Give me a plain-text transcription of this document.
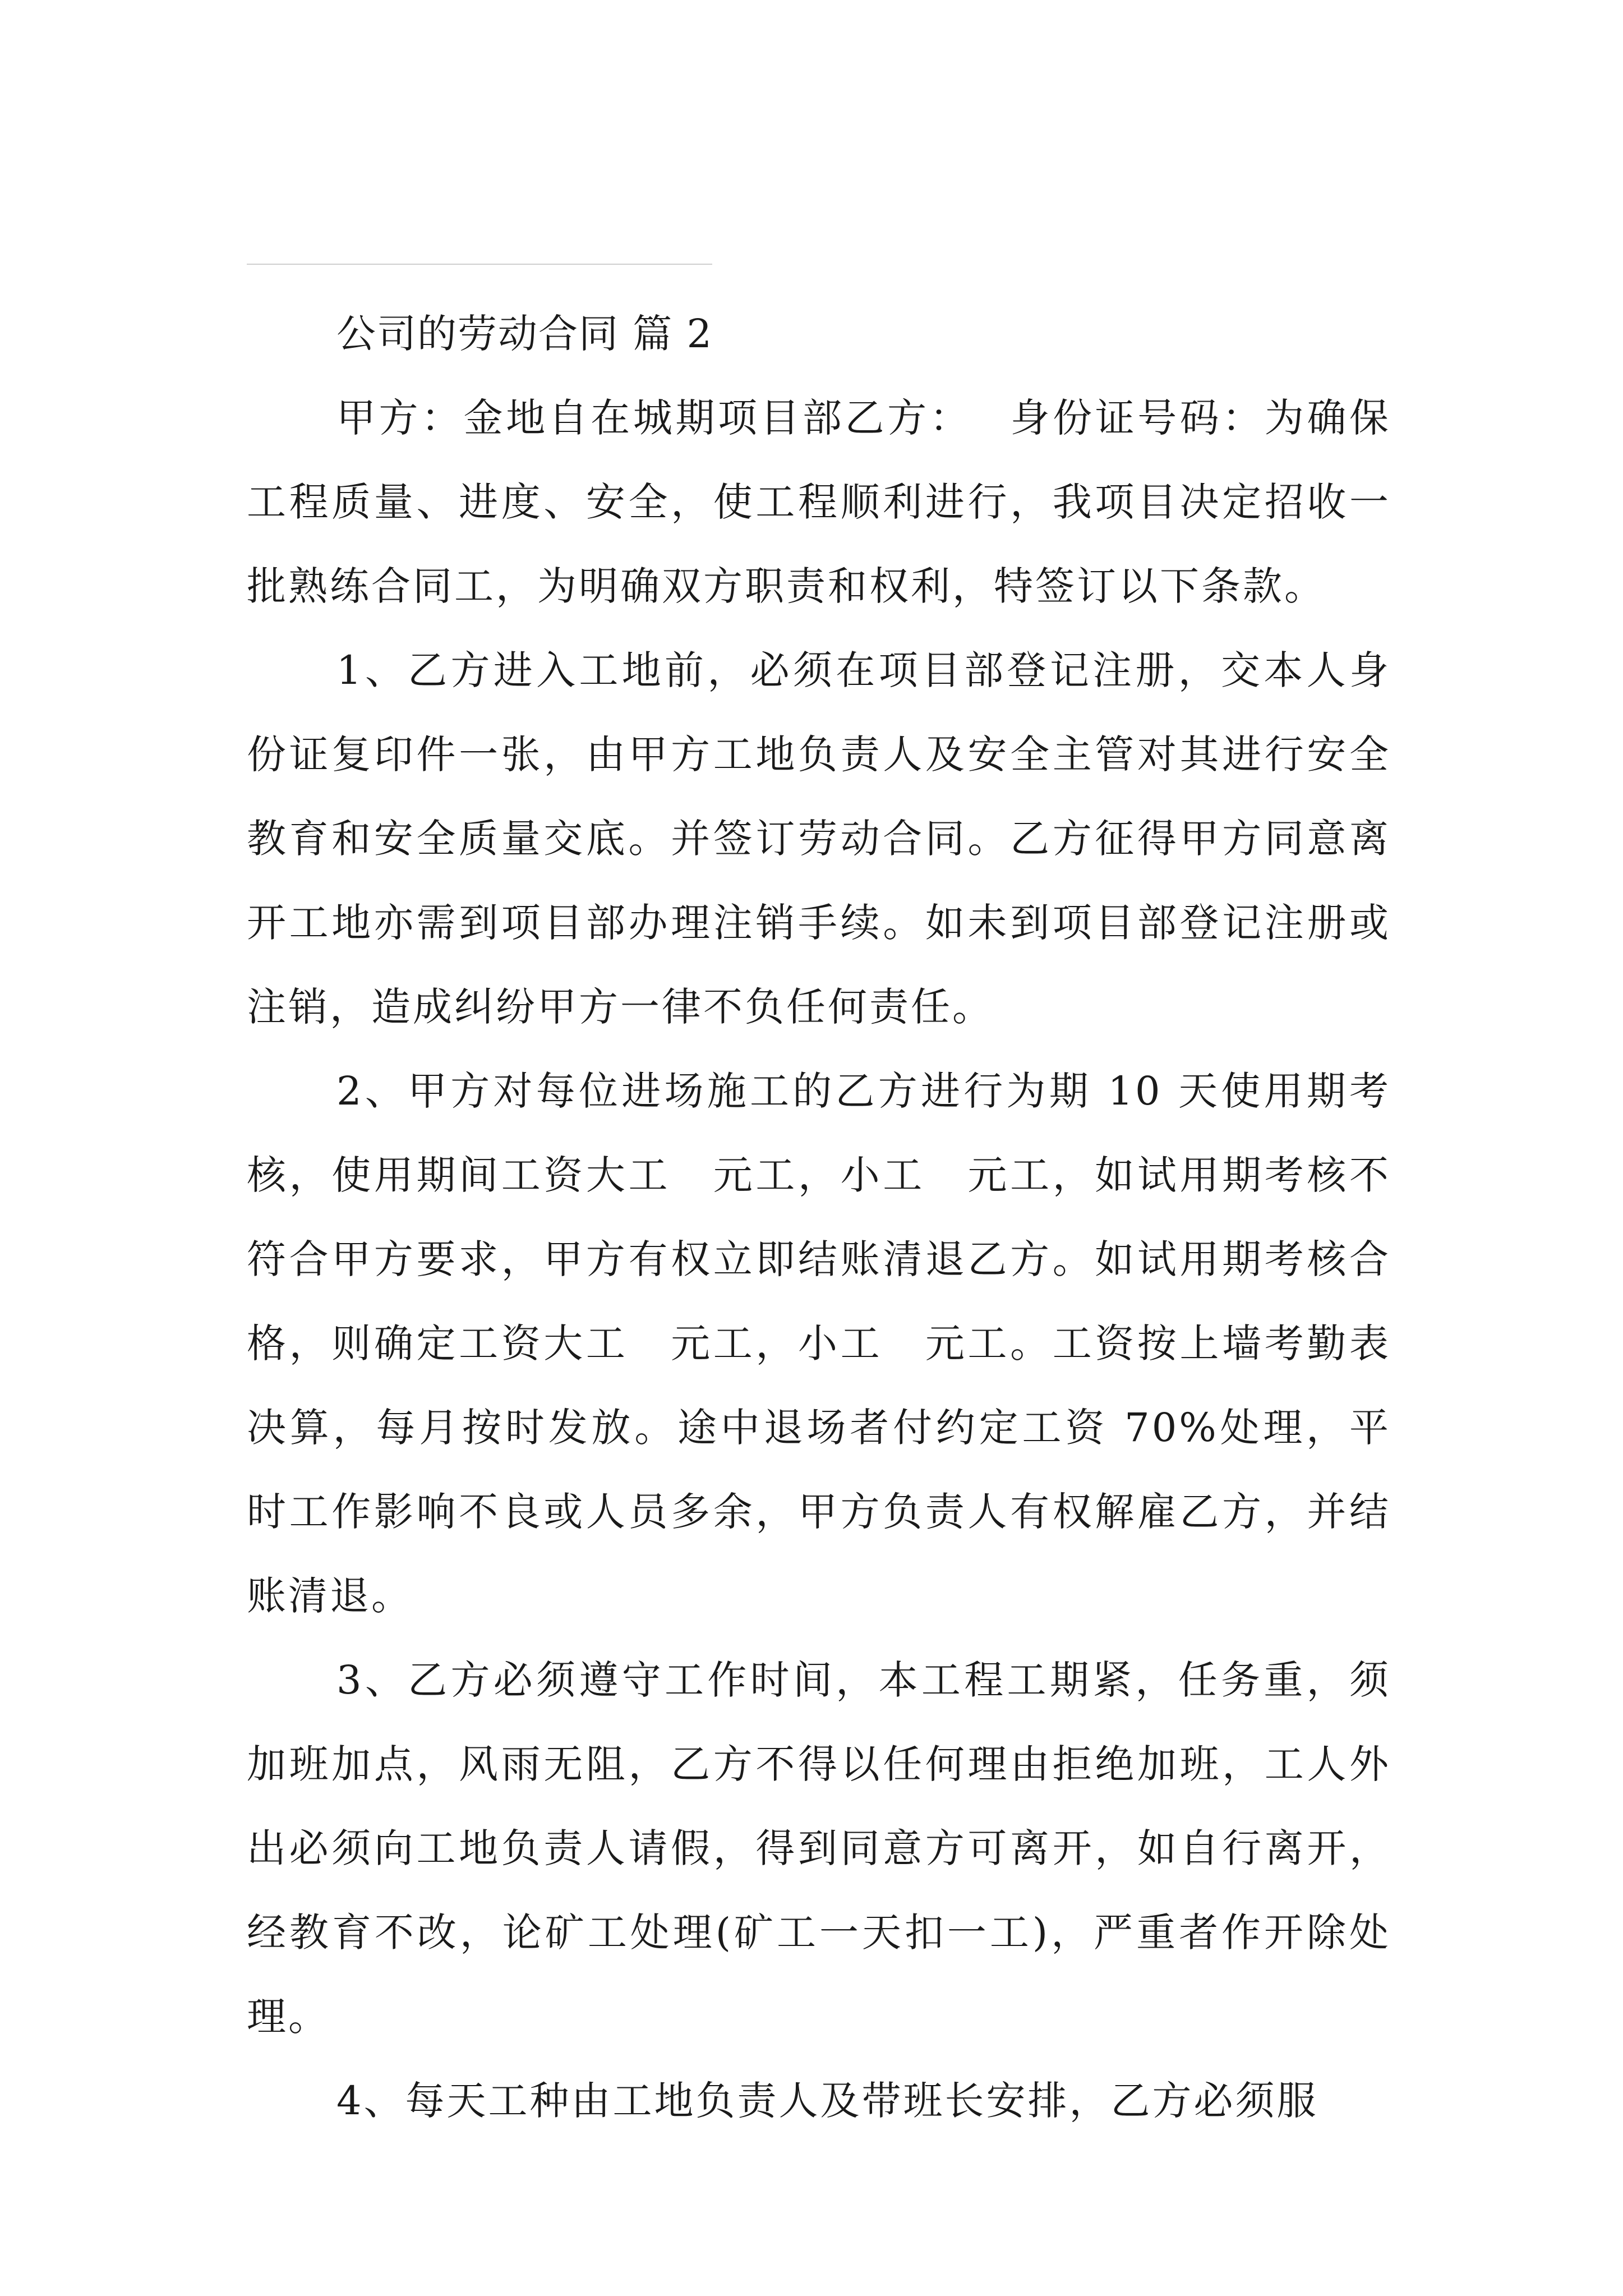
公司的劳动合同 篇 2

甲方：金地自在城期项目部乙方：　 身份证号码：为确保工程质量、进度、安全，使工程顺利进行，我项目决定招收一批熟练合同工，为明确双方职责和权利，特签订以下条款。

1、乙方进入工地前，必须在项目部登记注册，交本人身份证复印件一张，由甲方工地负责人及安全主管对其进行安全教育和安全质量交底。并签订劳动合同。乙方征得甲方同意离开工地亦需到项目部办理注销手续。如未到项目部登记注册或注销，造成纠纷甲方一律不负任何责任。

2、甲方对每位进场施工的乙方进行为期 10 天使用期考核，使用期间工资大工　元工，小工　元工，如试用期考核不符合甲方要求，甲方有权立即结账清退乙方。如试用期考核合格，则确定工资大工　元工，小工　元工。工资按上墙考勤表决算，每月按时发放。途中退场者付约定工资 70%处理，平时工作影响不良或人员多余，甲方负责人有权解雇乙方，并结账清退。

3、乙方必须遵守工作时间，本工程工期紧，任务重，须加班加点，风雨无阻，乙方不得以任何理由拒绝加班，工人外出必须向工地负责人请假，得到同意方可离开，如自行离开，经教育不改，论矿工处理(矿工一天扣一工)，严重者作开除处理。

4、每天工种由工地负责人及带班长安排，乙方必须服
